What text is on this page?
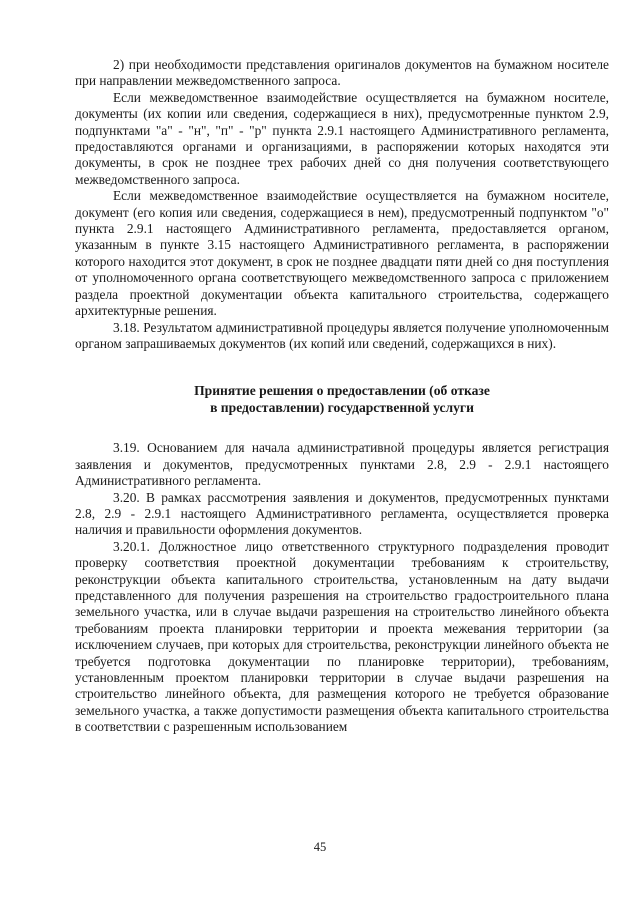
2) при необходимости представления оригиналов документов на бумажном носителе при направлении межведомственного запроса.

Если межведомственное взаимодействие осуществляется на бумажном носителе, документы (их копии или сведения, содержащиеся в них), предусмотренные пунктом 2.9, подпунктами "а" - "н", "п" - "р" пункта 2.9.1 настоящего Административного регламента, предоставляются органами и организациями, в распоряжении которых находятся эти документы, в срок не позднее трех рабочих дней со дня получения соответствующего межведомственного запроса.

Если межведомственное взаимодействие осуществляется на бумажном носителе, документ (его копия или сведения, содержащиеся в нем), предусмотренный подпунктом "о" пункта 2.9.1 настоящего Административного регламента, предоставляется органом, указанным в пункте 3.15 настоящего Административного регламента, в распоряжении которого находится этот документ, в срок не позднее двадцати пяти дней со дня поступления от уполномоченного органа соответствующего межведомственного запроса с приложением раздела проектной документации объекта капитального строительства, содержащего архитектурные решения.

3.18. Результатом административной процедуры является получение уполномоченным органом запрашиваемых документов (их копий или сведений, содержащихся в них).

Принятие решения о предоставлении (об отказе
в предоставлении) государственной услуги

3.19. Основанием для начала административной процедуры является регистрация заявления и документов, предусмотренных пунктами 2.8, 2.9 - 2.9.1 настоящего Административного регламента.

3.20. В рамках рассмотрения заявления и документов, предусмотренных пунктами 2.8, 2.9 - 2.9.1 настоящего Административного регламента, осуществляется проверка наличия и правильности оформления документов.

3.20.1. Должностное лицо ответственного структурного подразделения проводит проверку соответствия проектной документации требованиям к строительству, реконструкции объекта капитального строительства, установленным на дату выдачи представленного для получения разрешения на строительство градостроительного плана земельного участка, или в случае выдачи разрешения на строительство линейного объекта требованиям проекта планировки территории и проекта межевания территории (за исключением случаев, при которых для строительства, реконструкции линейного объекта не требуется подготовка документации по планировке территории), требованиям, установленным проектом планировки территории в случае выдачи разрешения на строительство линейного объекта, для размещения которого не требуется образование земельного участка, а также допустимости размещения объекта капитального строительства в соответствии с разрешенным использованием

45
